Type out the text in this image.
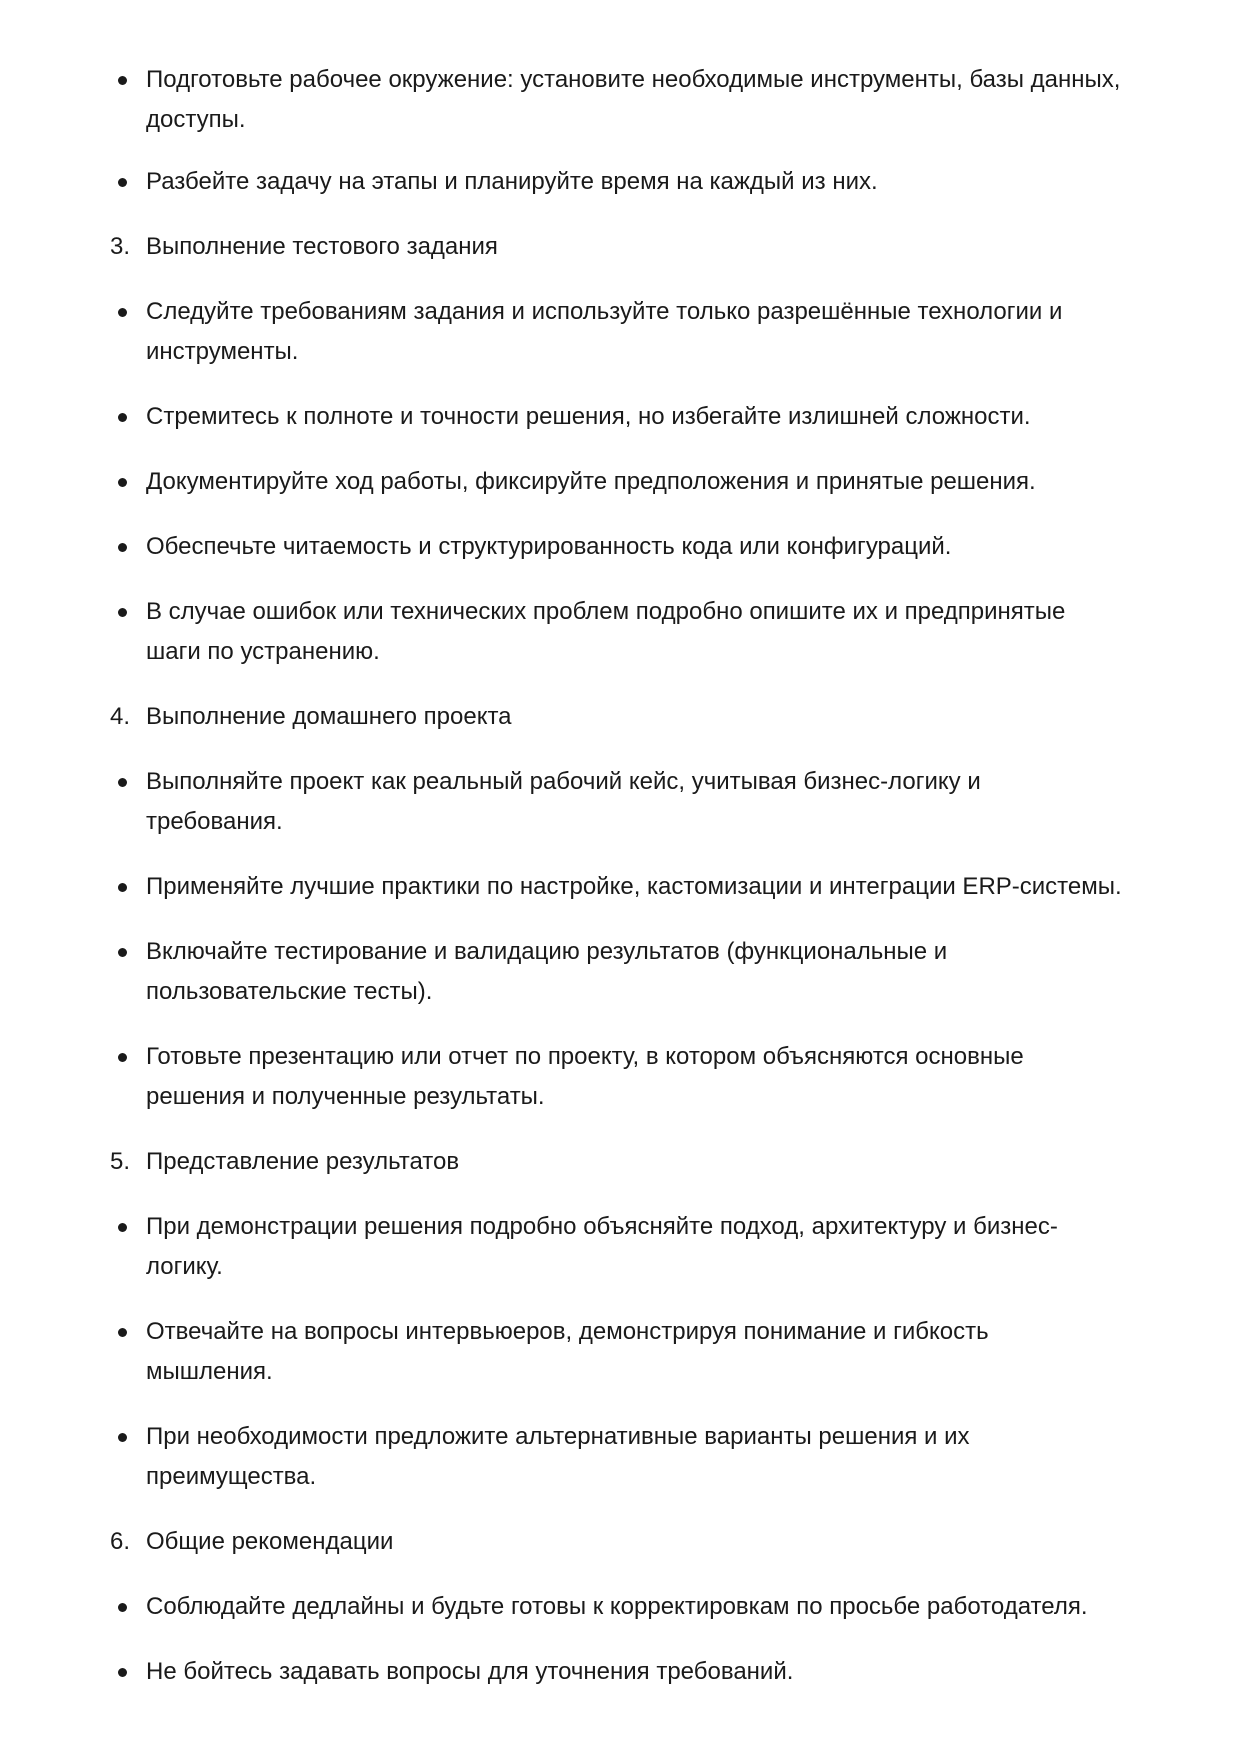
Подготовьте рабочее окружение: установите необходимые инструменты, базы данных,
доступы.
Разбейте задачу на этапы и планируйте время на каждый из них.
3. Выполнение тестового задания
Следуйте требованиям задания и используйте только разрешённые технологии и
инструменты.
Стремитесь к полноте и точности решения, но избегайте излишней сложности.
Документируйте ход работы, фиксируйте предположения и принятые решения.
Обеспечьте читаемость и структурированность кода или конфигураций.
В случае ошибок или технических проблем подробно опишите их и предпринятые
шаги по устранению.
4. Выполнение домашнего проекта
Выполняйте проект как реальный рабочий кейс, учитывая бизнес-логику и
требования.
Применяйте лучшие практики по настройке, кастомизации и интеграции ERP-системы.
Включайте тестирование и валидацию результатов (функциональные и
пользовательские тесты).
Готовьте презентацию или отчет по проекту, в котором объясняются основные
решения и полученные результаты.
5. Представление результатов
При демонстрации решения подробно объясняйте подход, архитектуру и бизнес-
логику.
Отвечайте на вопросы интервьюеров, демонстрируя понимание и гибкость
мышления.
При необходимости предложите альтернативные варианты решения и их
преимущества.
6. Общие рекомендации
Соблюдайте дедлайны и будьте готовы к корректировкам по просьбе работодателя.
Не бойтесь задавать вопросы для уточнения требований.
